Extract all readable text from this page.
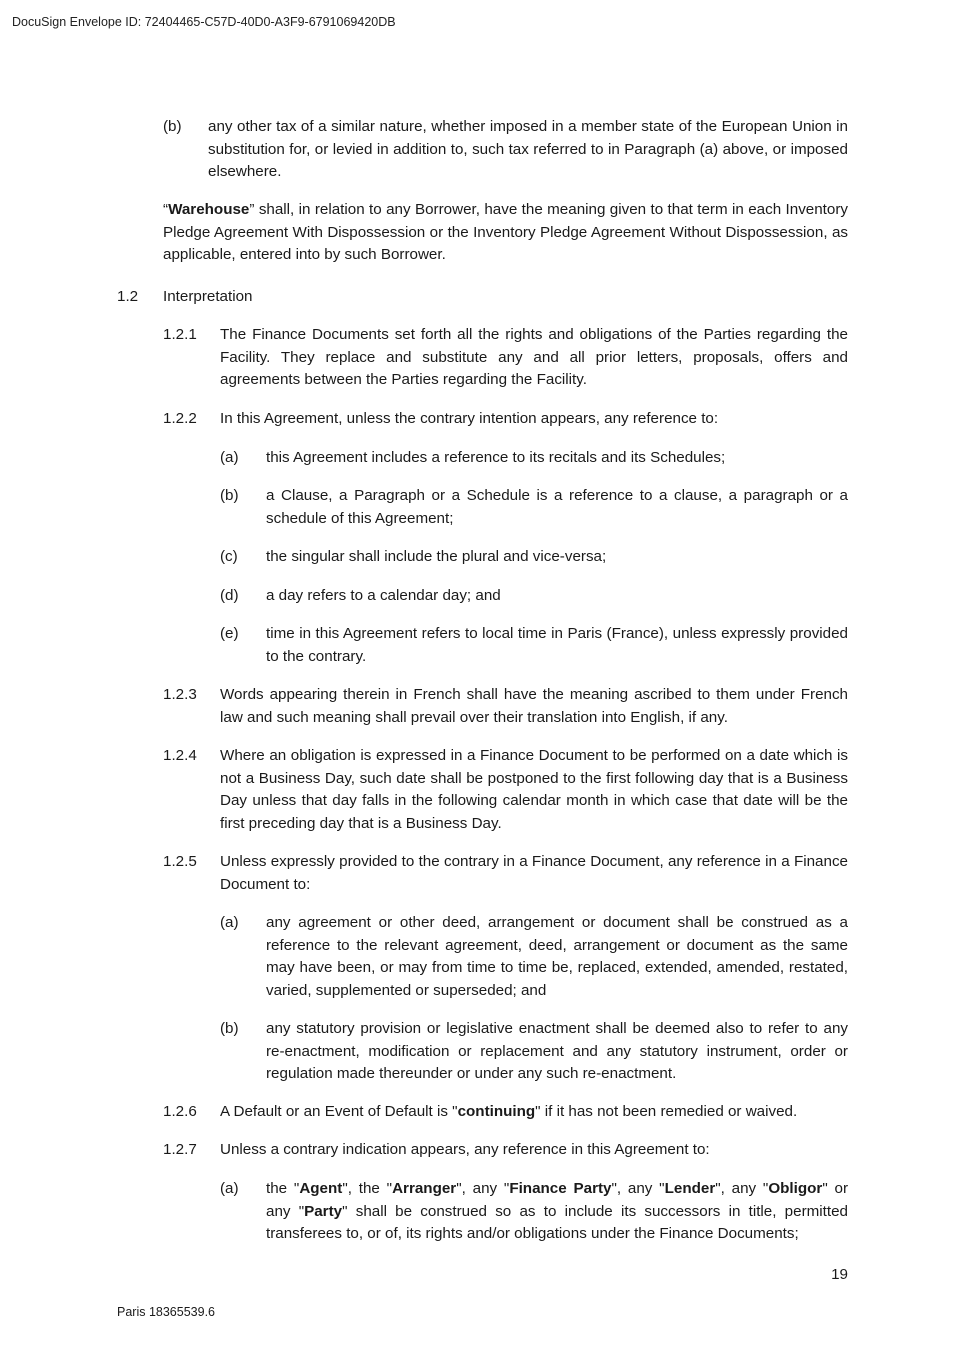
DocuSign Envelope ID: 72404465-C57D-40D0-A3F9-6791069420DB
(b) any other tax of a similar nature, whether imposed in a member state of the European Union in substitution for, or levied in addition to, such tax referred to in Paragraph (a) above, or imposed elsewhere.
“Warehouse” shall, in relation to any Borrower, have the meaning given to that term in each Inventory Pledge Agreement With Dispossession or the Inventory Pledge Agreement Without Dispossession, as applicable, entered into by such Borrower.
1.2 Interpretation
1.2.1 The Finance Documents set forth all the rights and obligations of the Parties regarding the Facility. They replace and substitute any and all prior letters, proposals, offers and agreements between the Parties regarding the Facility.
1.2.2 In this Agreement, unless the contrary intention appears, any reference to:
(a) this Agreement includes a reference to its recitals and its Schedules;
(b) a Clause, a Paragraph or a Schedule is a reference to a clause, a paragraph or a schedule of this Agreement;
(c) the singular shall include the plural and vice-versa;
(d) a day refers to a calendar day; and
(e) time in this Agreement refers to local time in Paris (France), unless expressly provided to the contrary.
1.2.3 Words appearing therein in French shall have the meaning ascribed to them under French law and such meaning shall prevail over their translation into English, if any.
1.2.4 Where an obligation is expressed in a Finance Document to be performed on a date which is not a Business Day, such date shall be postponed to the first following day that is a Business Day unless that day falls in the following calendar month in which case that date will be the first preceding day that is a Business Day.
1.2.5 Unless expressly provided to the contrary in a Finance Document, any reference in a Finance Document to:
(a) any agreement or other deed, arrangement or document shall be construed as a reference to the relevant agreement, deed, arrangement or document as the same may have been, or may from time to time be, replaced, extended, amended, restated, varied, supplemented or superseded; and
(b) any statutory provision or legislative enactment shall be deemed also to refer to any re-enactment, modification or replacement and any statutory instrument, order or regulation made thereunder or under any such re-enactment.
1.2.6 A Default or an Event of Default is "continuing" if it has not been remedied or waived.
1.2.7 Unless a contrary indication appears, any reference in this Agreement to:
(a) the "Agent", the "Arranger", any "Finance Party", any "Lender", any "Obligor" or any "Party" shall be construed so as to include its successors in title, permitted transferees to, or of, its rights and/or obligations under the Finance Documents;
19
Paris 18365539.6
